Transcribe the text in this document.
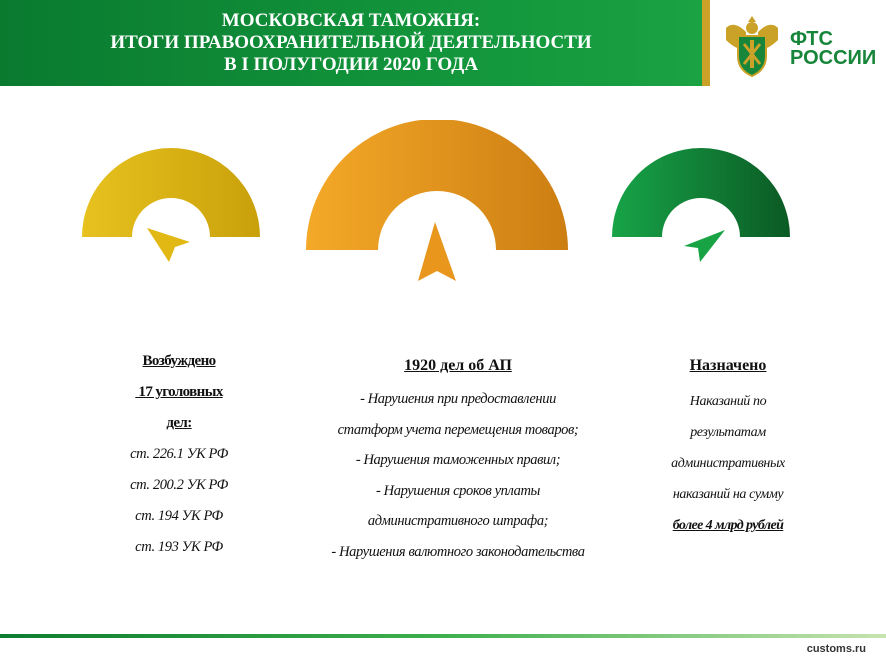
МОСКОВСКАЯ ТАМОЖНЯ:
ИТОГИ ПРАВООХРАНИТЕЛЬНОЙ ДЕЯТЕЛЬНОСТИ
В I ПОЛУГОДИИ 2020 ГОДА
ФТС
РОССИИ
Возбуждено
17 уголовных
дел:
ст. 226.1 УК РФ
ст. 200.2 УК РФ
ст. 194 УК РФ
ст. 193 УК РФ
1920 дел об АП
- Нарушения при предоставлении
статформ учета перемещения товаров;
- Нарушения таможенных правил;
- Нарушения сроков уплаты
административного штрафа;
- Нарушения валютного законодательства
Назначено
Наказаний по
результатам
административных
наказаний на сумму
более 4 млрд рублей
customs.ru
